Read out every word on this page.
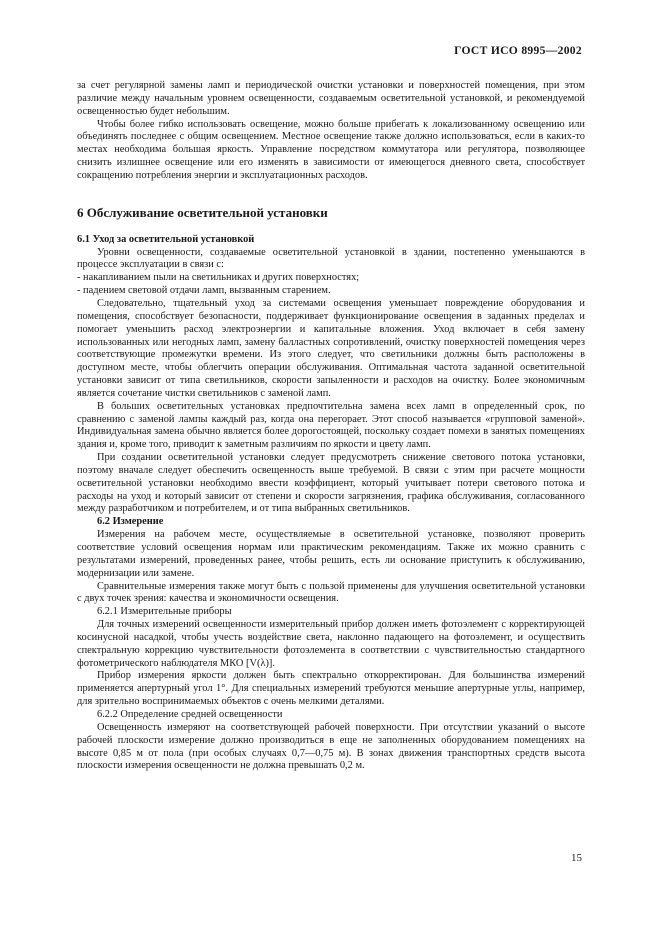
ГОСТ ИСО 8995—2002

за счет регулярной замены ламп и периодической очистки установки и поверхностей помещения, при этом различие между начальным уровнем освещенности, создаваемым осветительной установкой, и рекомендуемой освещенностью будет небольшим.

Чтобы более гибко использовать освещение, можно больше прибегать к локализованному освещению или объединять последнее с общим освещением. Местное освещение также должно использоваться, если в каких-то местах необходима большая яркость. Управление посредством коммутатора или регулятора, позволяющее снизить излишнее освещение или его изменять в зависимости от имеющегося дневного света, способствует сокращению потребления энергии и эксплуатационных расходов.

6 Обслуживание осветительной установки
6.1 Уход за осветительной установкой

Уровни освещенности, создаваемые осветительной установкой в здании, постепенно уменьшаются в процессе эксплуатации в связи с:

- накапливанием пыли на светильниках и других поверхностях;
- падением световой отдачи ламп, вызванным старением.

Следовательно, тщательный уход за системами освещения уменьшает повреждение оборудования и помещения, способствует безопасности, поддерживает функционирование освещения в заданных пределах и помогает уменьшить расход электроэнергии и капитальные вложения. Уход включает в себя замену использованных или негодных ламп, замену балластных сопротивлений, очистку поверхностей помещения через соответствующие промежутки времени. Из этого следует, что светильники должны быть расположены в доступном месте, чтобы облегчить операции обслуживания. Оптимальная частота заданной осветительной установки зависит от типа светильников, скорости запыленности и расходов на очистку. Более экономичным является сочетание чистки светильников с заменой ламп.

В больших осветительных установках предпочтительна замена всех ламп в определенный срок, по сравнению с заменой лампы каждый раз, когда она перегорает. Этот способ называется «групповой заменой». Индивидуальная замена обычно является более дорогостоящей, поскольку создает помехи в занятых помещениях здания и, кроме того, приводит к заметным различиям по яркости и цвету ламп.

При создании осветительной установки следует предусмотреть снижение светового потока установки, поэтому вначале следует обеспечить освещенность выше требуемой. В связи с этим при расчете мощности осветительной установки необходимо ввести коэффициент, который учитывает потери светового потока и расходы на уход и который зависит от степени и скорости загрязнения, графика обслуживания, согласованного между разработчиком и потребителем, и от типа выбранных светильников.

6.2 Измерение

Измерения на рабочем месте, осуществляемые в осветительной установке, позволяют проверить соответствие условий освещения нормам или практическим рекомендациям. Также их можно сравнить с результатами измерений, проведенных ранее, чтобы решить, есть ли основание приступить к обслуживанию, модернизации или замене.

Сравнительные измерения также могут быть с пользой применены для улучшения осветительной установки с двух точек зрения: качества и экономичности освещения.

6.2.1 Измерительные приборы

Для точных измерений освещенности измерительный прибор должен иметь фотоэлемент с корректирующей косинусной насадкой, чтобы учесть воздействие света, наклонно падающего на фотоэлемент, и осуществить спектральную коррекцию чувствительности фотоэлемента в соответствии с чувствительностью стандартного фотометрического наблюдателя МКО [V(λ)].

Прибор измерения яркости должен быть спектрально откорректирован. Для большинства измерений применяется апертурный угол 1°. Для специальных измерений требуются меньшие апертурные углы, например, для зрительно воспринимаемых объектов с очень мелкими деталями.

6.2.2 Определение средней освещенности

Освещенность измеряют на соответствующей рабочей поверхности. При отсутствии указаний о высоте рабочей плоскости измерение должно производиться в еще не заполненных оборудованием помещениях на высоте 0,85 м от пола (при особых случаях 0,7—0,75 м). В зонах движения транспортных средств высота плоскости измерения освещенности не должна превышать 0,2 м.

15
